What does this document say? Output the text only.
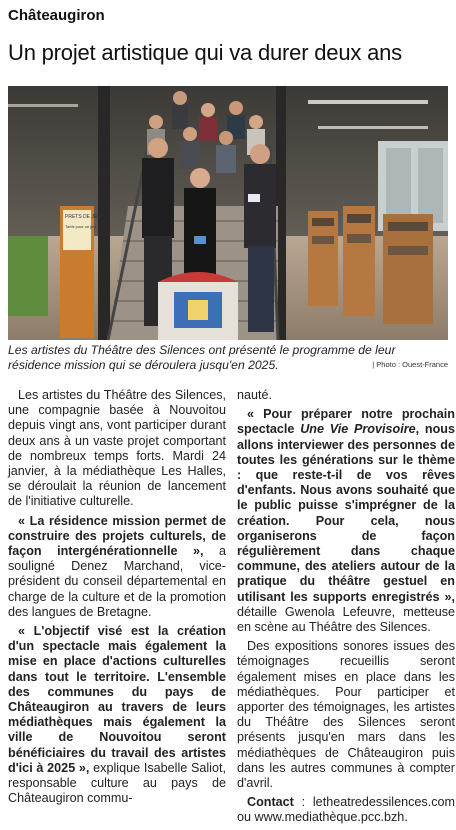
Châteaugiron
Un projet artistique qui va durer deux ans
PRETS DE JEUX
Tarifs pour un jeu
Les artistes du Théâtre des Silences ont présenté le programme de leur résidence mission qui se déroulera jusqu'en 2025.	| Photo : Ouest-France

Les artistes du Théâtre des Silences, une compagnie basée à Nouvoitou depuis vingt ans, vont participer durant deux ans à un vaste projet comportant de nombreux temps forts. Mardi 24 janvier, à la médiathèque Les Halles, se déroulait la réunion de lancement de l'initiative culturelle.

« La résidence mission permet de construire des projets culturels, de façon intergénérationnelle », a souligné Denez Marchand, vice-président du conseil départemental en charge de la culture et de la promotion des langues de Bretagne.

« L'objectif visé est la création d'un spectacle mais également la mise en place d'actions culturelles dans tout le territoire. L'ensemble des communes du pays de Châteaugiron au travers de leurs médiathèques mais également la ville de Nouvoitou seront bénéficiaires du travail des artistes d'ici à 2025 », explique Isabelle Saliot, responsable culture au pays de Châteaugiron commu-

nauté.

« Pour préparer notre prochain spectacle Une Vie Provisoire, nous allons interviewer des personnes de toutes les générations sur le thème : que reste-t-il de vos rêves d'enfants. Nous avons souhaité que le public puisse s'imprégner de la création. Pour cela, nous organiserons de façon régulièrement dans chaque commune, des ateliers autour de la pratique du théâtre gestuel en utilisant les supports enregistrés », détaille Gwenola Lefeuvre, metteuse en scène au Théâtre des Silences.

Des expositions sonores issues des témoignages recueillis seront également mises en place dans les médiathèques. Pour participer et apporter des témoignages, les artistes du Théâtre des Silences seront présents jusqu'en mars dans les médiathèques de Châteaugiron puis dans les autres communes à compter d'avril.

Contact : letheatredessilences.com ou www.mediathèque.pcc.bzh.
